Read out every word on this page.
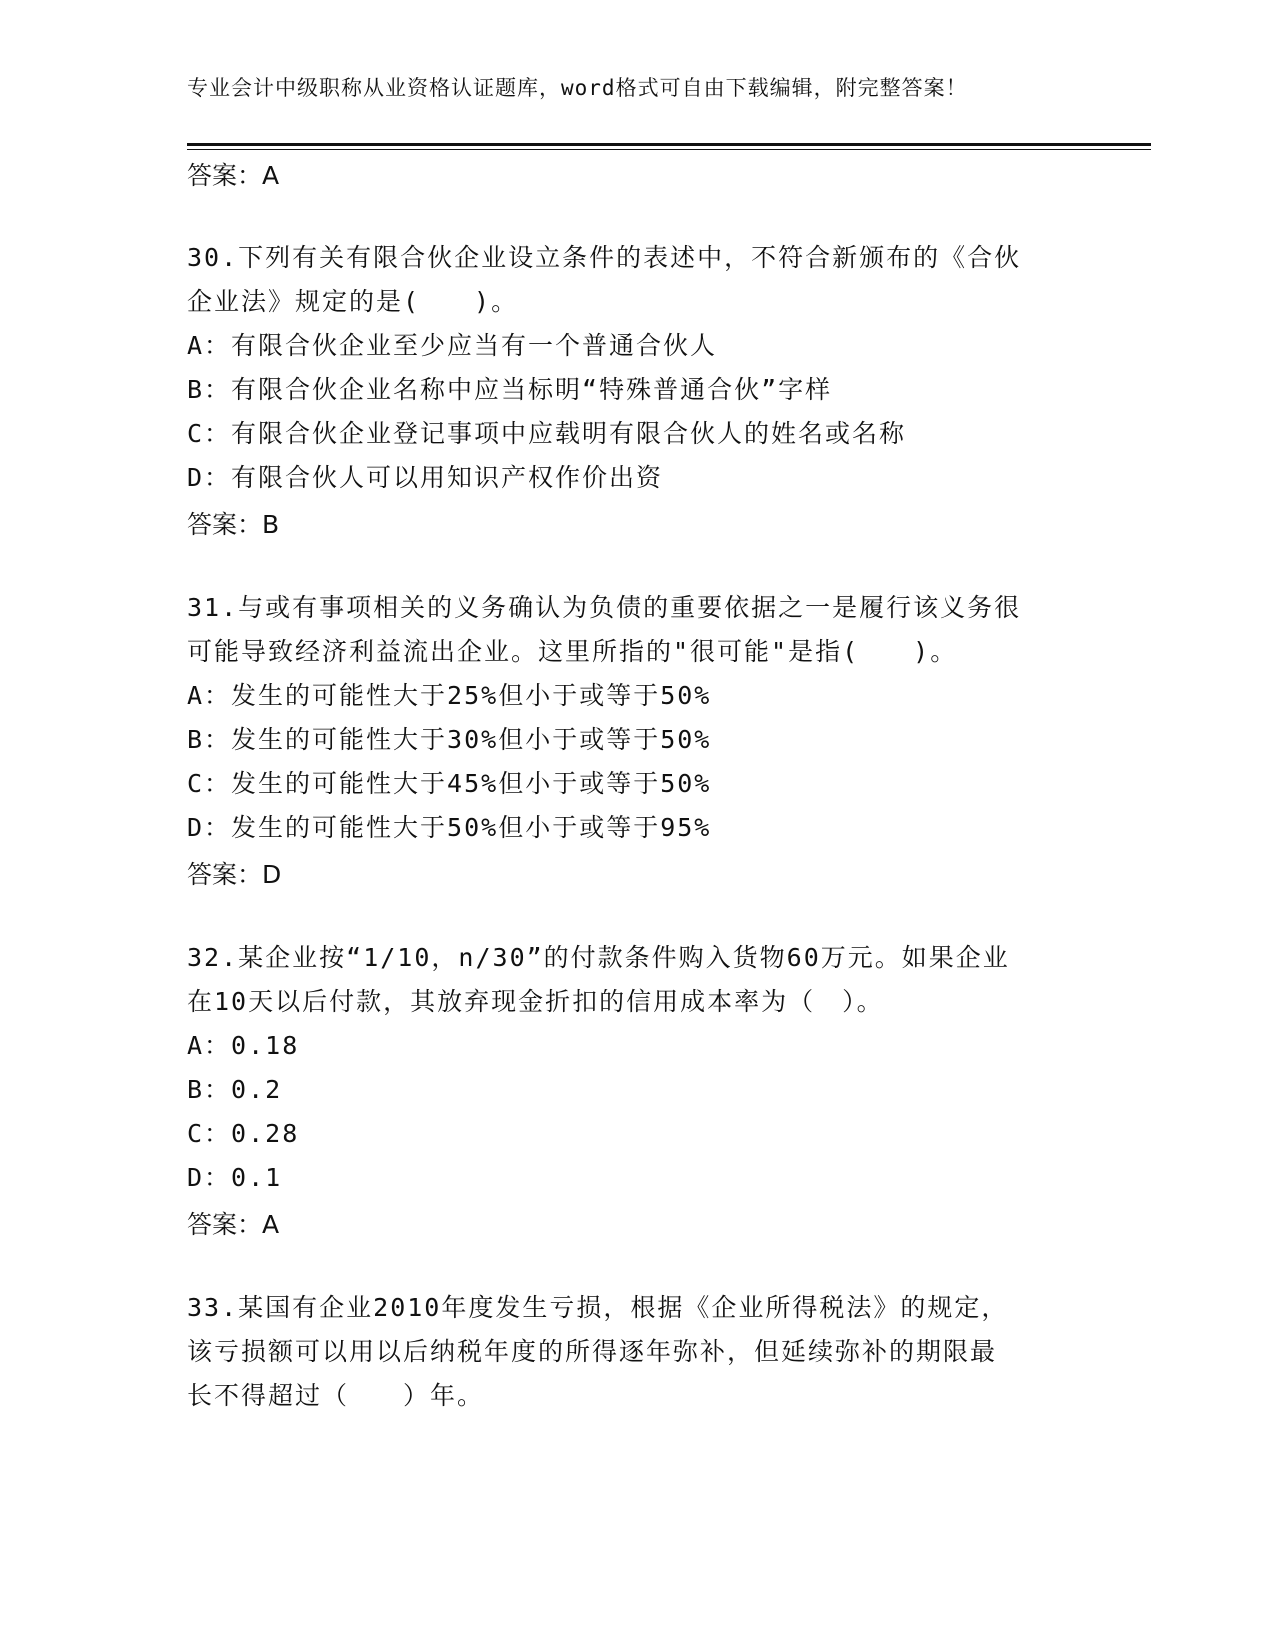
专业会计中级职称从业资格认证题库，word格式可自由下载编辑，附完整答案！
答案：A
30.下列有关有限合伙企业设立条件的表述中，不符合新颁布的《合伙
企业法》规定的是(　　)。
A：有限合伙企业至少应当有一个普通合伙人
B：有限合伙企业名称中应当标明“特殊普通合伙”字样
C：有限合伙企业登记事项中应载明有限合伙人的姓名或名称
D：有限合伙人可以用知识产权作价出资
答案：B
31.与或有事项相关的义务确认为负债的重要依据之一是履行该义务很
可能导致经济利益流出企业。这里所指的"很可能"是指(　　)。
A：发生的可能性大于25%但小于或等于50%
B：发生的可能性大于30%但小于或等于50%
C：发生的可能性大于45%但小于或等于50%
D：发生的可能性大于50%但小于或等于95%
答案：D
32.某企业按“1/10，n/30”的付款条件购入货物60万元。如果企业
在10天以后付款，其放弃现金折扣的信用成本率为（　）。
A：0.18
B：0.2
C：0.28
D：0.1
答案：A
33.某国有企业2010年度发生亏损，根据《企业所得税法》的规定，
该亏损额可以用以后纳税年度的所得逐年弥补，但延续弥补的期限最
长不得超过（　　）年。
